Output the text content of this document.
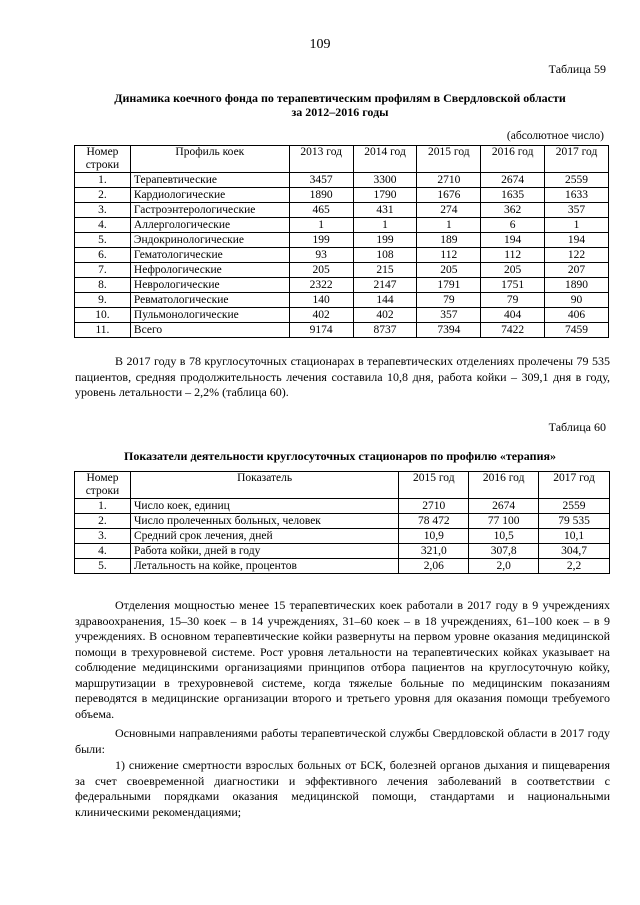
109
Таблица 59
Динамика коечного фонда по терапевтическим профилям в Свердловской области
за 2012–2016 годы
(абсолютное число)
Номер строки	Профиль коек	2013 год	2014 год	2015 год	2016 год	2017 год
1.	Терапевтические	3457	3300	2710	2674	2559
2.	Кардиологические	1890	1790	1676	1635	1633
3.	Гастроэнтерологические	465	431	274	362	357
4.	Аллергологические	1	1	1	6	1
5.	Эндокринологические	199	199	189	194	194
6.	Гематологические	93	108	112	112	122
7.	Нефрологические	205	215	205	205	207
8.	Неврологические	2322	2147	1791	1751	1890
9.	Ревматологические	140	144	79	79	90
10.	Пульмонологические	402	402	357	404	406
11.	Всего	9174	8737	7394	7422	7459

В 2017 году в 78 круглосуточных стационарах в терапевтических отделениях пролечены 79 535 пациентов, средняя продолжительность лечения составила 10,8 дня, работа койки – 309,1 дня в году, уровень летальности – 2,2% (таблица 60).

Таблица 60
Показатели деятельности круглосуточных стационаров по профилю «терапия»
Номер строки	Показатель	2015 год	2016 год	2017 год
1.	Число коек, единиц	2710	2674	2559
2.	Число пролеченных больных, человек	78 472	77 100	79 535
3.	Средний срок лечения, дней	10,9	10,5	10,1
4.	Работа койки, дней в году	321,0	307,8	304,7
5.	Летальность на койке, процентов	2,06	2,0	2,2

Отделения мощностью менее 15 терапевтических коек работали в 2017 году в 9 учреждениях здравоохранения, 15–30 коек – в 14 учреждениях, 31–60 коек – в 18 учреждениях, 61–100 коек – в 9 учреждениях. В основном терапевтические койки развернуты на первом уровне оказания медицинской помощи в трехуровневой системе. Рост уровня летальности на терапевтических койках указывает на соблюдение медицинскими организациями принципов отбора пациентов на круглосуточную койку, маршрутизации в трехуровневой системе, когда тяжелые больные по медицинским показаниям переводятся в медицинские организации второго и третьего уровня для оказания помощи требуемого объема.

Основными направлениями работы терапевтической службы Свердловской области в 2017 году были:

1) снижение смертности взрослых больных от БСК, болезней органов дыхания и пищеварения за счет своевременной диагностики и эффективного лечения заболеваний в соответствии с федеральными порядками оказания медицинской помощи, стандартами и национальными клиническими рекомендациями;
